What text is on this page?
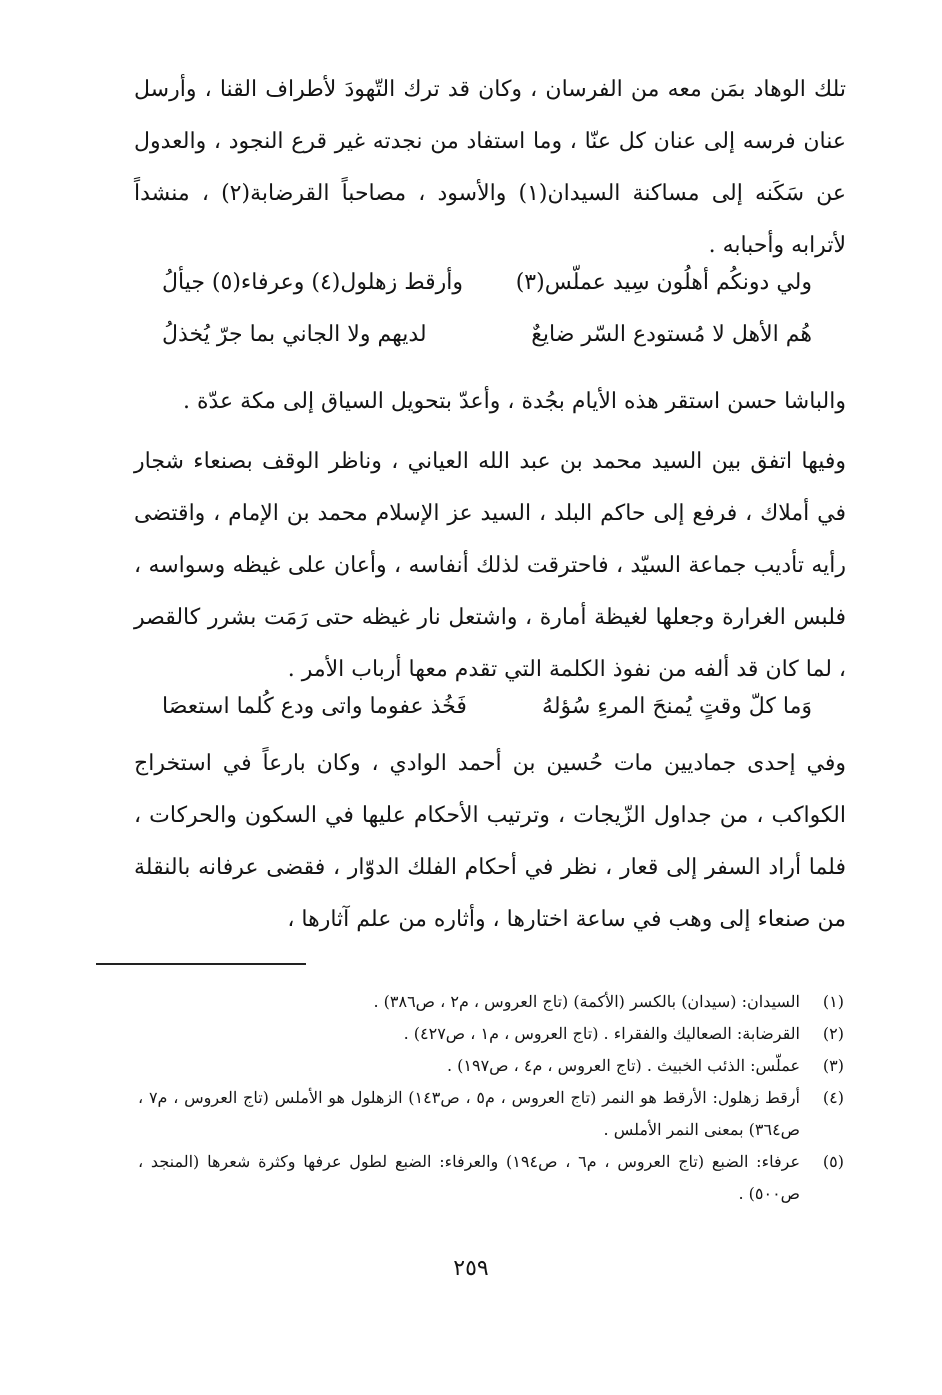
تلك الوهاد بمَن معه من الفرسان ، وكان قد ترك التّهودَ لأطراف القنا ، وأرسل عنان فرسه إلى عنان كل عنّا ، وما استفاد من نجدته غير قرع النجود ، والعدول عن سَكَنه إلى مساكنة السيدان(١) والأسود ، مصاحباً القرضابة(٢) ، منشداً لأترابه وأحبابه .

ولي دونكُم أهلُون سِيد عملّس(٣)
وأرقط زهلول(٤) وعرفاء(٥) جيألُ
هُم الأهل لا مُستودع السّر ضايعٌ
لديهم ولا الجاني بما جرّ يُخذلُ

والباشا حسن استقر هذه الأيام بجُدة ، وأعدّ بتحويل السياق إلى مكة عدّة .

وفيها اتفق بين السيد محمد بن عبد الله العياني ، وناظر الوقف بصنعاء شجار في أملاك ، فرفع إلى حاكم البلد ، السيد عز الإسلام محمد بن الإمام ، واقتضى رأيه تأديب جماعة السيّد ، فاحترقت لذلك أنفاسه ، وأعان على غيظه وسواسه ، فلبس الغرارة وجعلها لغيظة أمارة ، واشتعل نار غيظه حتى رَمَت بشرر كالقصر ، لما كان قد ألفه من نفوذ الكلمة التي تقدم معها أرباب الأمر .

وَما كلّ وقتٍ يُمنحَ المرءِ سُؤلهُ
فَخُذ عفوما واتى ودع كُلما استعصَا

وفي إحدى جماديين مات حُسين بن أحمد الوادي ، وكان بارعاً في استخراج الكواكب ، من جداول الزّيجات ، وترتيب الأحكام عليها في السكون والحركات ، فلما أراد السفر إلى قعار ، نظر في أحكام الفلك الدوّار ، فقضى عرفانه بالنقلة من صنعاء إلى وهب في ساعة اختارها ، وأثاره من علم آثارها ،

(١)
السيدان: (سيدان) بالكسر (الأكمة) (تاج العروس ، م٢ ، ص٣٨٦) .
(٢)
القرضابة: الصعاليك والفقراء . (تاج العروس ، م١ ، ص٤٢٧) .
(٣)
عملّس: الذئب الخبيث . (تاج العروس ، م٤ ، ص١٩٧) .
(٤)
أرقط زهلول: الأرقط هو النمر (تاج العروس ، م٥ ، ص١٤٣) الزهلول هو الأملس (تاج العروس ، م٧ ، ص٣٦٤) بمعنى النمر الأملس .
(٥)
عرفاء: الضبع (تاج العروس ، م٦ ، ص١٩٤) والعرفاء: الضبع لطول عرفها وكثرة شعرها (المنجد ، ص٥٠٠) .
٢٥٩
